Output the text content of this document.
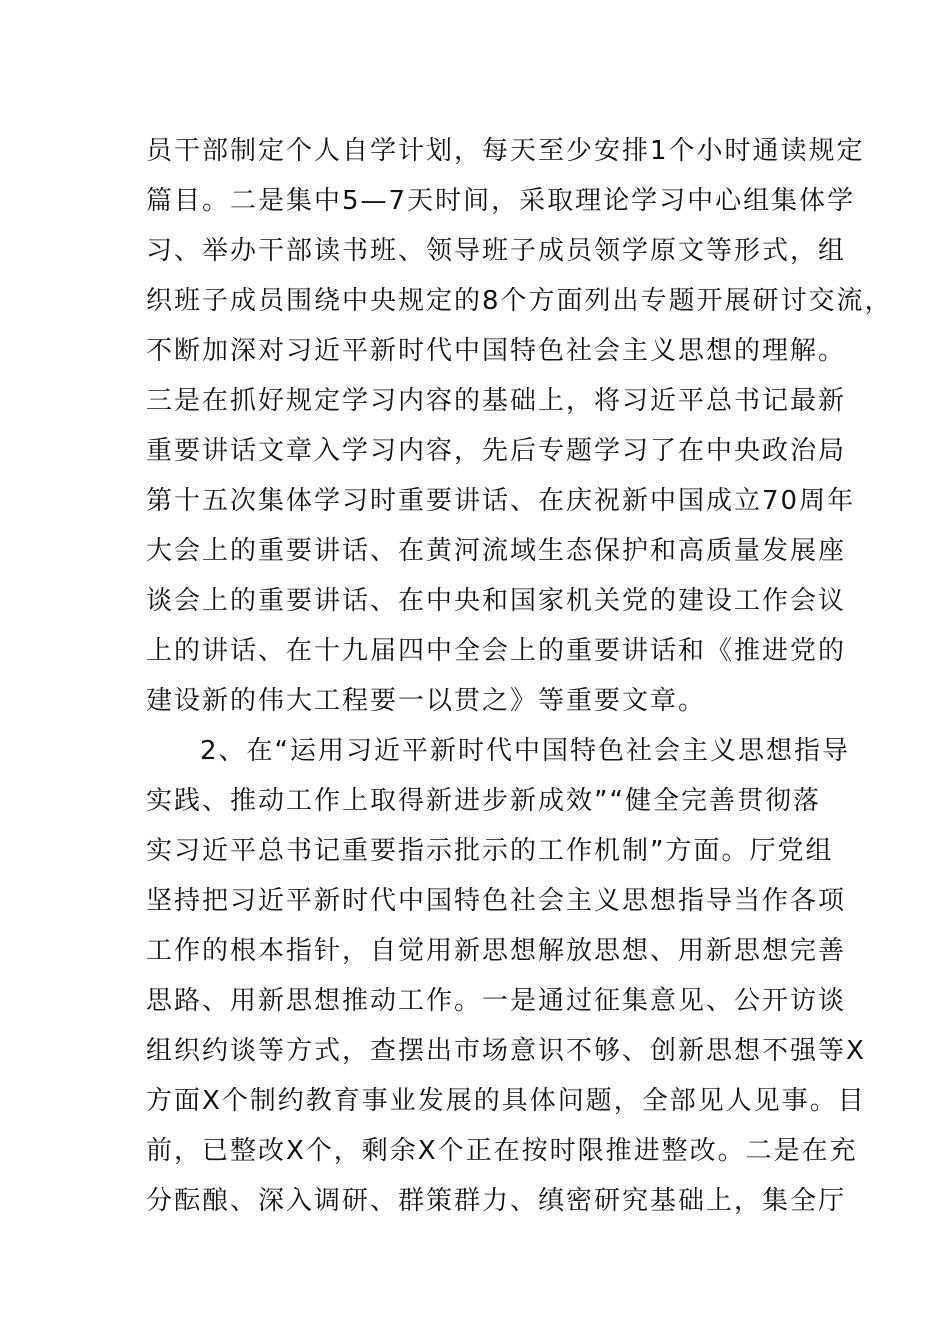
员干部制定个人自学计划，每天至少安排1个小时通读规定
篇目。二是集中5—7天时间，采取理论学习中心组集体学
习、举办干部读书班、领导班子成员领学原文等形式，组
织班子成员围绕中央规定的8个方面列出专题开展研讨交流，
不断加深对习近平新时代中国特色社会主义思想的理解。
三是在抓好规定学习内容的基础上，将习近平总书记最新
重要讲话文章入学习内容，先后专题学习了在中央政治局
第十五次集体学习时重要讲话、在庆祝新中国成立70周年
大会上的重要讲话、在黄河流域生态保护和高质量发展座
谈会上的重要讲话、在中央和国家机关党的建设工作会议
上的讲话、在十九届四中全会上的重要讲话和《推进党的
建设新的伟大工程要一以贯之》等重要文章。
2、在“运用习近平新时代中国特色社会主义思想指导
实践、推动工作上取得新进步新成效”“健全完善贯彻落
实习近平总书记重要指示批示的工作机制”方面。厅党组
坚持把习近平新时代中国特色社会主义思想指导当作各项
工作的根本指针，自觉用新思想解放思想、用新思想完善
思路、用新思想推动工作。一是通过征集意见、公开访谈
组织约谈等方式，查摆出市场意识不够、创新思想不强等X
方面X个制约教育事业发展的具体问题，全部见人见事。目
前，已整改X个，剩余X个正在按时限推进整改。二是在充
分酝酿、深入调研、群策群力、缜密研究基础上，集全厅
